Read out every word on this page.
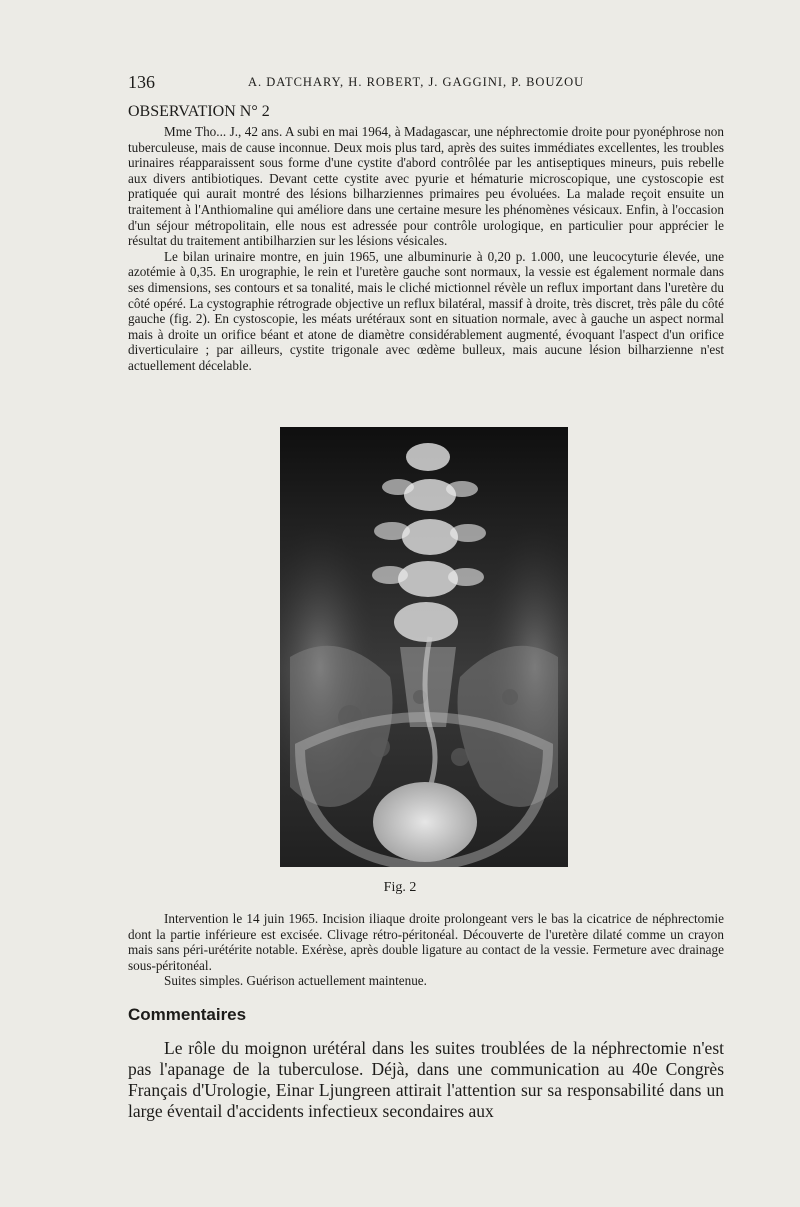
136	A. DATCHARY, H. ROBERT, J. GAGGINI, P. BOUZOU
OBSERVATION N° 2

Mme Tho... J., 42 ans. A subi en mai 1964, à Madagascar, une néphrectomie droite pour pyonéphrose non tuberculeuse, mais de cause inconnue. Deux mois plus tard, après des suites immédiates excellentes, les troubles urinaires réapparaissent sous forme d'une cystite d'abord contrôlée par les antiseptiques mineurs, puis rebelle aux divers antibiotiques. Devant cette cystite avec pyurie et hématurie microscopique, une cystoscopie est pratiquée qui aurait montré des lésions bilharziennes primaires peu évoluées. La malade reçoit ensuite un traitement à l'Anthiomaline qui améliore dans une certaine mesure les phénomènes vésicaux. Enfin, à l'occasion d'un séjour métropolitain, elle nous est adressée pour contrôle urologique, en particulier pour apprécier le résultat du traitement antibilharzien sur les lésions vésicales.

Le bilan urinaire montre, en juin 1965, une albuminurie à 0,20 p. 1.000, une leucocyturie élevée, une azotémie à 0,35. En urographie, le rein et l'uretère gauche sont normaux, la vessie est également normale dans ses dimensions, ses contours et sa tonalité, mais le cliché mictionnel révèle un reflux important dans l'uretère du côté opéré. La cystographie rétrograde objective un reflux bilatéral, massif à droite, très discret, très pâle du côté gauche (fig. 2). En cystoscopie, les méats urétéraux sont en situation normale, avec à gauche un aspect normal mais à droite un orifice béant et atone de diamètre considérablement augmenté, évoquant l'aspect d'un orifice diverticulaire ; par ailleurs, cystite trigonale avec œdème bulleux, mais aucune lésion bilharzienne n'est actuellement décelable.

Fig. 2

Intervention le 14 juin 1965. Incision iliaque droite prolongeant vers le bas la cicatrice de néphrectomie dont la partie inférieure est excisée. Clivage rétro-péritonéal. Découverte de l'uretère dilaté comme un crayon mais sans péri-urétérite notable. Exérèse, après double ligature au contact de la vessie. Fermeture avec drainage sous-péritonéal.

Suites simples. Guérison actuellement maintenue.

Commentaires

Le rôle du moignon urétéral dans les suites troublées de la néphrectomie n'est pas l'apanage de la tuberculose. Déjà, dans une communication au 40e Congrès Français d'Urologie, Einar Ljungreen attirait l'attention sur sa responsabilité dans un large éventail d'accidents infectieux secondaires aux
